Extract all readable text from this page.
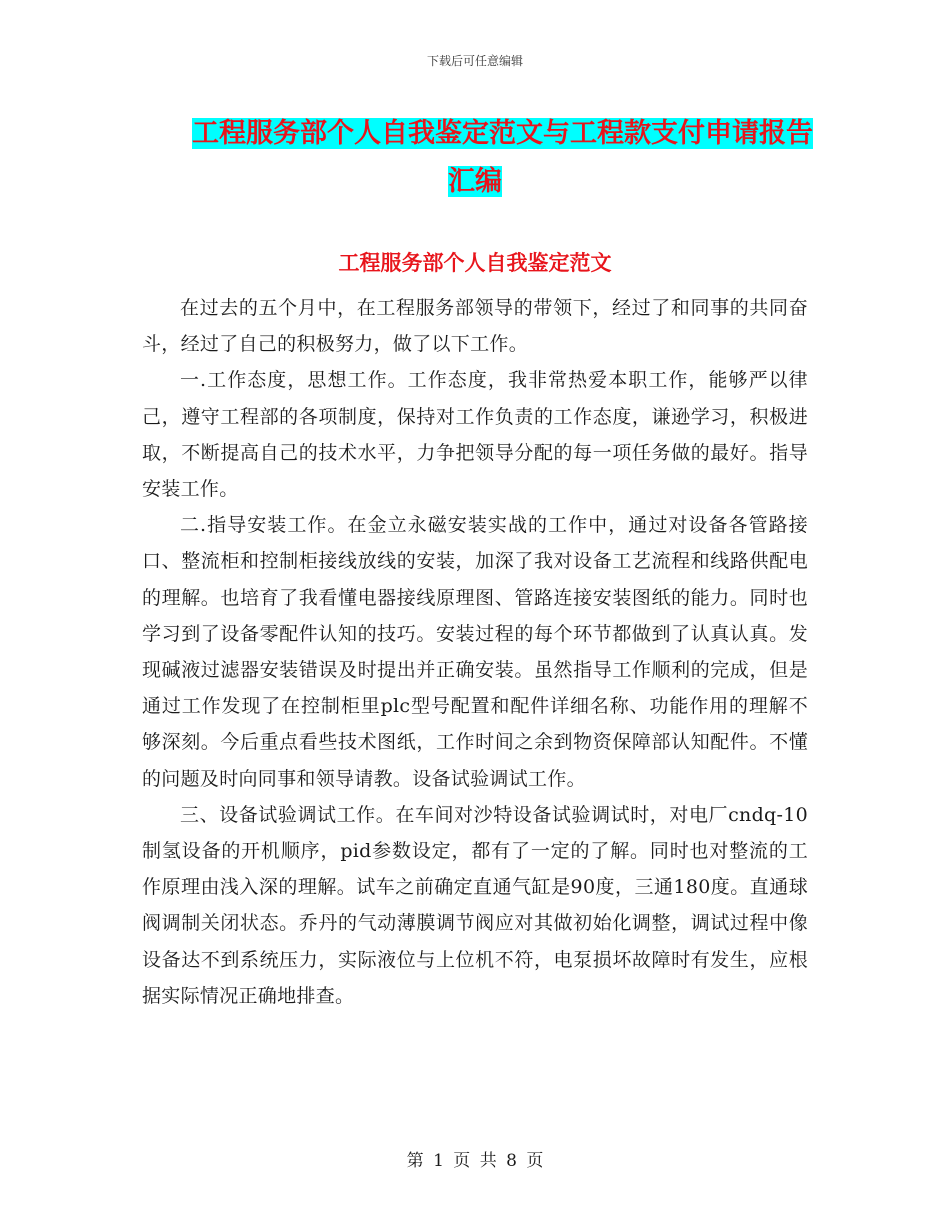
下载后可任意编辑
工程服务部个人自我鉴定范文与工程款支付申请报告
汇编
工程服务部个人自我鉴定范文

在过去的五个月中，在工程服务部领导的带领下，经过了和同事的共同奋斗，经过了自己的积极努力，做了以下工作。

一.工作态度，思想工作。工作态度，我非常热爱本职工作，能够严以律己，遵守工程部的各项制度，保持对工作负责的工作态度，谦逊学习，积极进取，不断提高自己的技术水平，力争把领导分配的每一项任务做的最好。指导安装工作。

二.指导安装工作。在金立永磁安装实战的工作中，通过对设备各管路接口、整流柜和控制柜接线放线的安装，加深了我对设备工艺流程和线路供配电的理解。也培育了我看懂电器接线原理图、管路连接安装图纸的能力。同时也学习到了设备零配件认知的技巧。安装过程的每个环节都做到了认真认真。发现碱液过滤器安装错误及时提出并正确安装。虽然指导工作顺利的完成，但是通过工作发现了在控制柜里plc型号配置和配件详细名称、功能作用的理解不够深刻。今后重点看些技术图纸，工作时间之余到物资保障部认知配件。不懂的问题及时向同事和领导请教。设备试验调试工作。

三、设备试验调试工作。在车间对沙特设备试验调试时，对电厂cndq-10制氢设备的开机顺序，pid参数设定，都有了一定的了解。同时也对整流的工作原理由浅入深的理解。试车之前确定直通气缸是90度，三通180度。直通球阀调制关闭状态。乔丹的气动薄膜调节阀应对其做初始化调整，调试过程中像设备达不到系统压力，实际液位与上位机不符，电泵损坏故障时有发生，应根据实际情况正确地排查。

第 1 页 共 8 页
